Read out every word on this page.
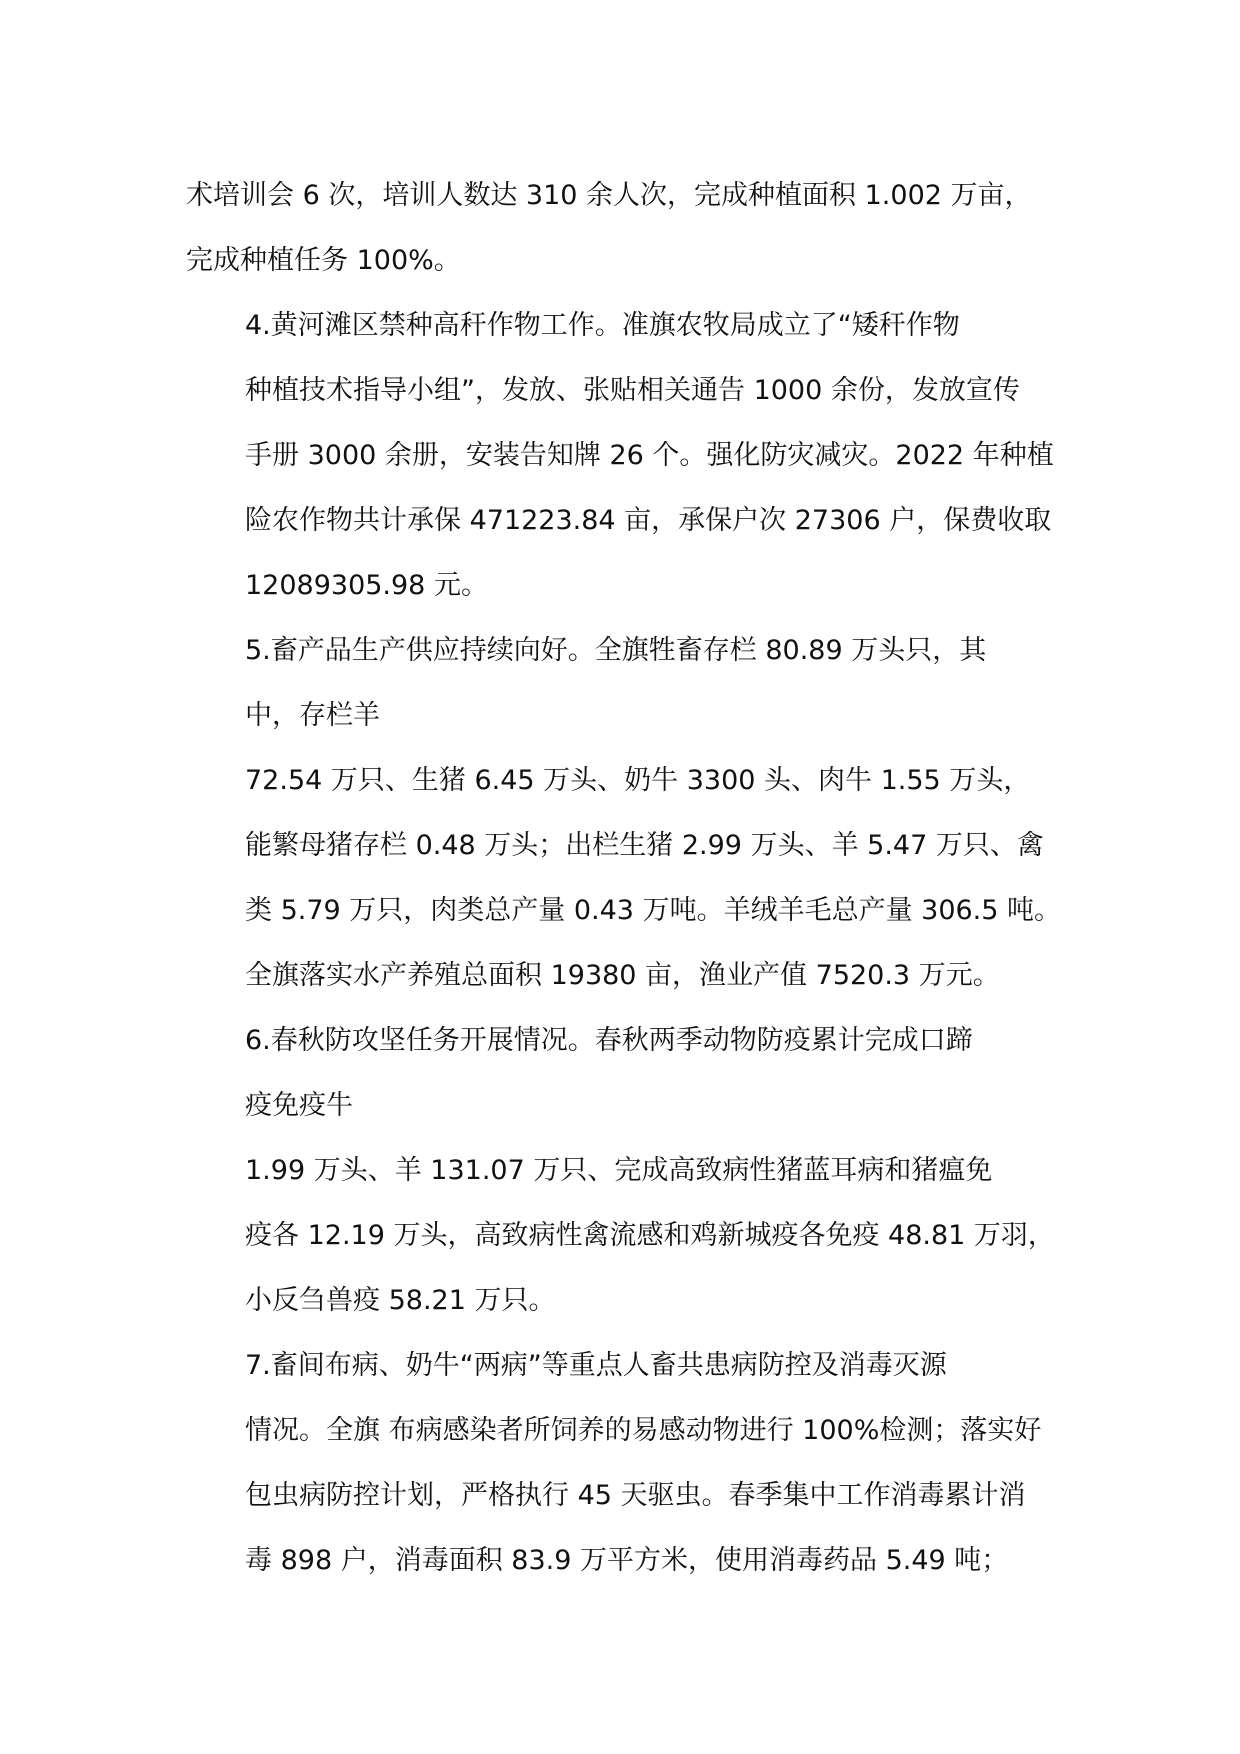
术培训会 6 次，培训人数达 310 余人次，完成种植面积 1.002 万亩，
完成种植任务 100%。

4.黄河滩区禁种高秆作物工作。准旗农牧局成立了“矮秆作物
种植技术指导小组”，发放、张贴相关通告 1000 余份，发放宣传
手册 3000 余册，安装告知牌 26 个。强化防灾减灾。2022 年种植
险农作物共计承保 471223.84 亩，承保户次 27306 户，保费收取
12089305.98 元。

5.畜产品生产供应持续向好。全旗牲畜存栏 80.89 万头只，其
中，存栏羊

72.54 万只、生猪 6.45 万头、奶牛 3300 头、肉牛 1.55 万头，
能繁母猪存栏 0.48 万头；出栏生猪 2.99 万头、羊 5.47 万只、禽
类 5.79 万只，肉类总产量 0.43 万吨。羊绒羊毛总产量 306.5 吨。
全旗落实水产养殖总面积 19380 亩，渔业产值 7520.3 万元。

6.春秋防攻坚任务开展情况。春秋两季动物防疫累计完成口蹄
疫免疫牛

1.99 万头、羊 131.07 万只、完成高致病性猪蓝耳病和猪瘟免
疫各 12.19 万头，高致病性禽流感和鸡新城疫各免疫 48.81 万羽，
小反刍兽疫 58.21 万只。

7.畜间布病、奶牛“两病”等重点人畜共患病防控及消毒灭源
情况。全旗 布病感染者所饲养的易感动物进行 100%检测；落实好
包虫病防控计划，严格执行 45 天驱虫。春季集中工作消毒累计消
毒 898 户，消毒面积 83.9 万平方米，使用消毒药品 5.49 吨；
